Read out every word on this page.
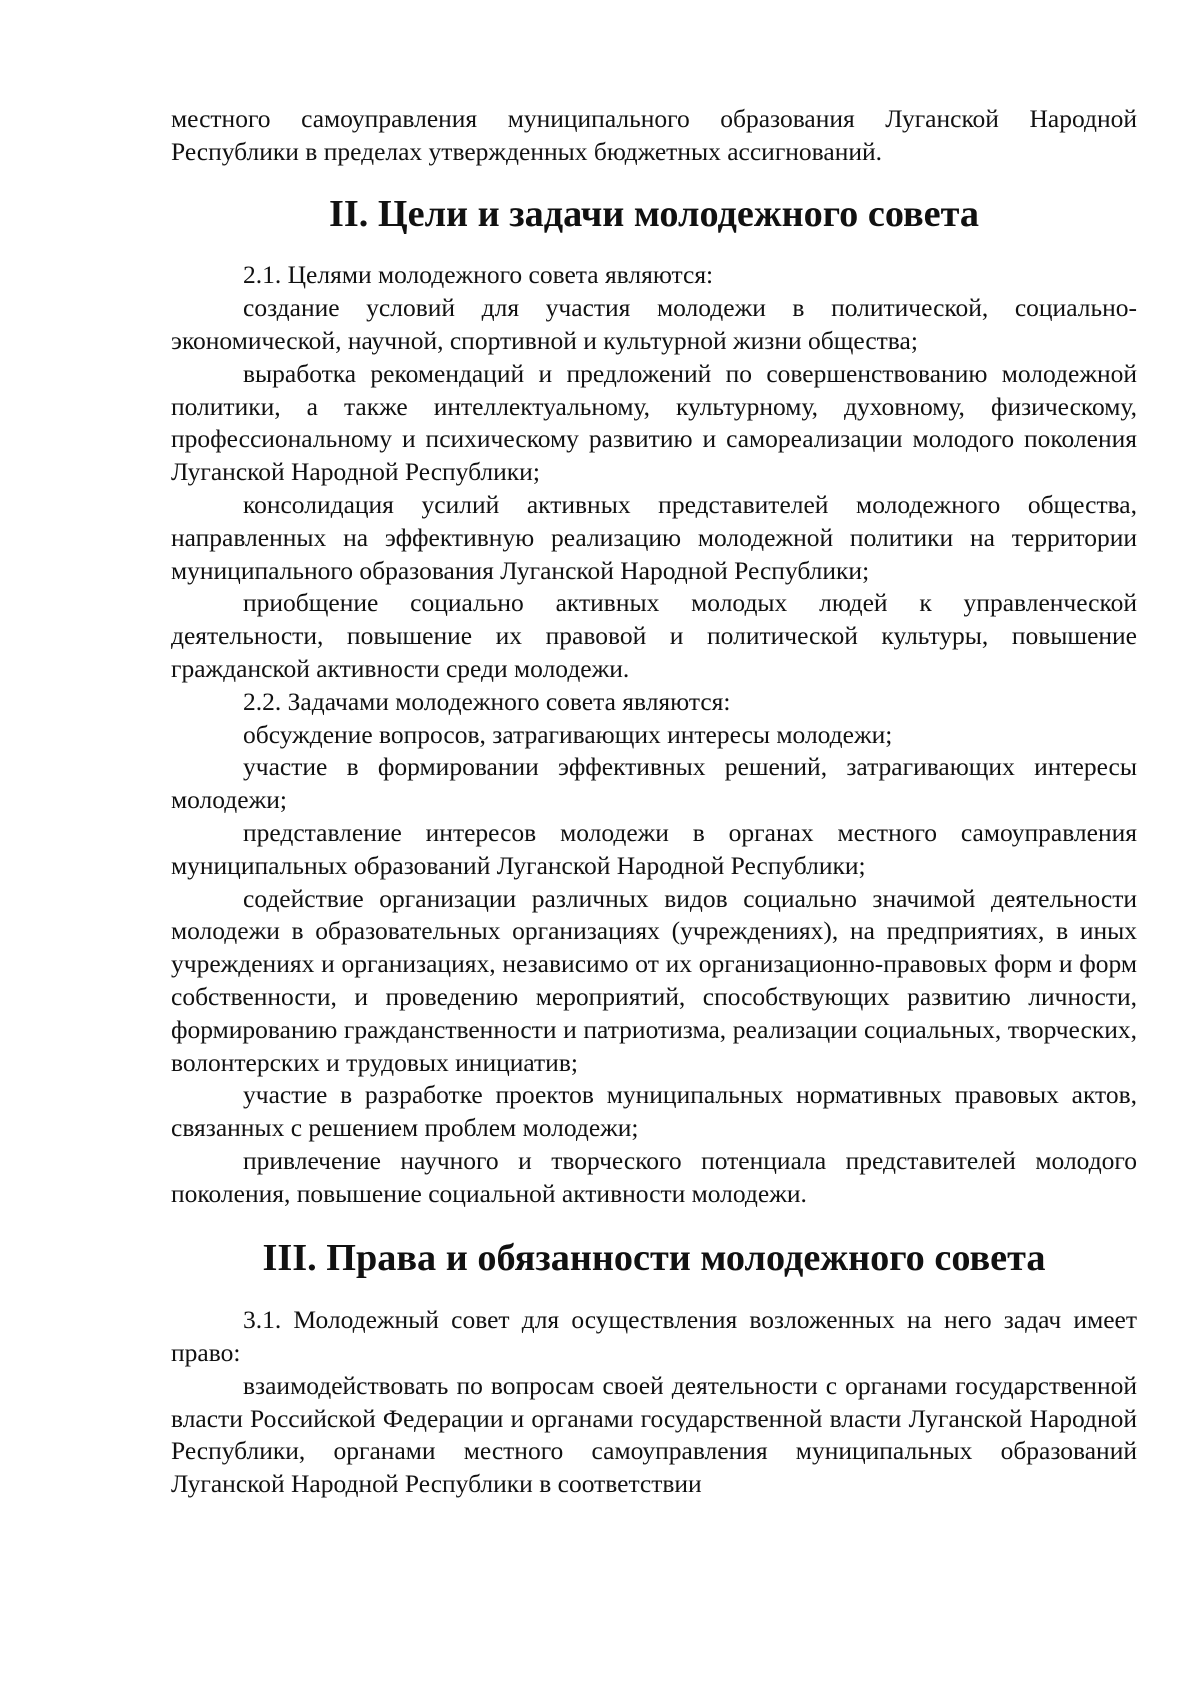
местного самоуправления муниципального образования Луганской Народной Республики в пределах утвержденных бюджетных ассигнований.

II. Цели и задачи молодежного совета

2.1. Целями молодежного совета являются:

создание условий для участия молодежи в политической, социально-экономической, научной, спортивной и культурной жизни общества;

выработка рекомендаций и предложений по совершенствованию молодежной политики, а также интеллектуальному, культурному, духовному, физическому, профессиональному и психическому развитию и самореализации молодого поколения Луганской Народной Республики;

консолидация усилий активных представителей молодежного общества, направленных на эффективную реализацию молодежной политики на территории муниципального образования Луганской Народной Республики;

приобщение социально активных молодых людей к управленческой деятельности, повышение их правовой и политической культуры, повышение гражданской активности среди молодежи.

2.2. Задачами молодежного совета являются:

обсуждение вопросов, затрагивающих интересы молодежи;

участие в формировании эффективных решений, затрагивающих интересы молодежи;

представление интересов молодежи в органах местного самоуправления муниципальных образований Луганской Народной Республики;

содействие организации различных видов социально значимой деятельности молодежи в образовательных организациях (учреждениях), на предприятиях, в иных учреждениях и организациях, независимо от их организационно-правовых форм и форм собственности, и проведению мероприятий, способствующих развитию личности, формированию гражданственности и патриотизма, реализации социальных, творческих, волонтерских и трудовых инициатив;

участие в разработке проектов муниципальных нормативных правовых актов, связанных с решением проблем молодежи;

привлечение научного и творческого потенциала представителей молодого поколения, повышение социальной активности молодежи.

III. Права и обязанности молодежного совета

3.1. Молодежный совет для осуществления возложенных на него задач имеет право:

взаимодействовать по вопросам своей деятельности с органами государственной власти Российской Федерации и органами государственной власти Луганской Народной Республики, органами местного самоуправления муниципальных образований Луганской Народной Республики в соответствии
